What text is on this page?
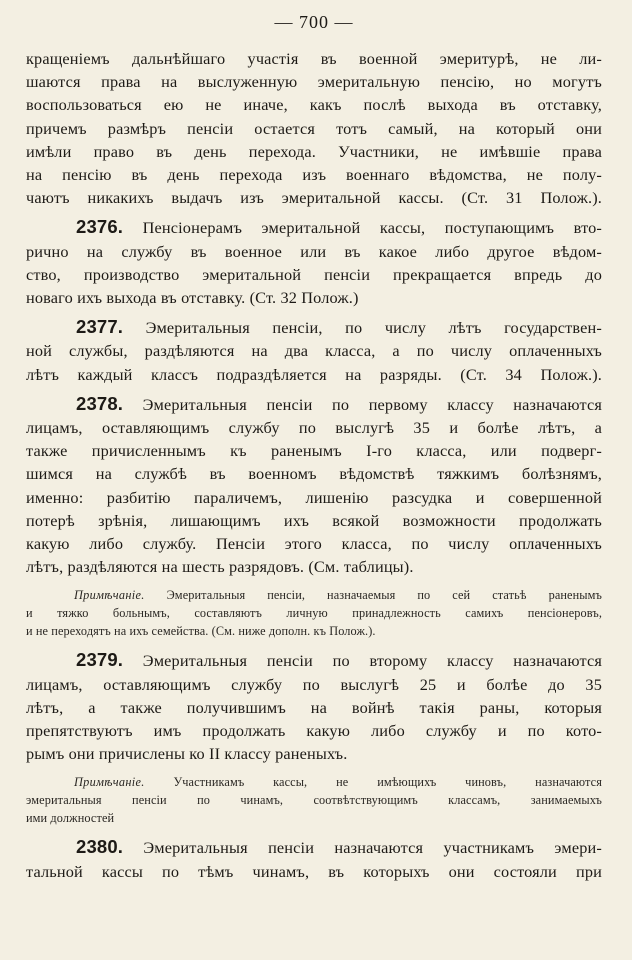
— 700 —
кращеніемъ дальнѣйшаго участія въ военной эмеритурѣ, не ли-
шаются права на выслуженную эмеритальную пенсію, но могутъ
воспользоваться ею не иначе, какъ послѣ выхода въ отставку,
причемъ размѣръ пенсіи остается тотъ самый, на который они
имѣли право въ день перехода. Участники, не имѣвшіе права
на пенсію въ день перехода изъ военнаго вѣдомства, не полу-
чаютъ никакихъ выдачъ изъ эмеритальной кассы. (Ст. 31 Полож.).
2376. Пенсіонерамъ эмеритальной кассы, поступающимъ вто-
рично на службу въ военное или въ какое либо другое вѣдом-
ство, производство эмеритальной пенсіи прекращается впредь до
новаго ихъ выхода въ отставку. (Ст. 32 Полож.)
2377. Эмеритальныя пенсіи, по числу лѣтъ государствен-
ной службы, раздѣляются на два класса, а по числу оплаченныхъ
лѣтъ каждый классъ подраздѣляется на разряды. (Ст. 34 Полож.).
2378. Эмеритальныя пенсіи по первому классу назначаются
лицамъ, оставляющимъ службу по выслугѣ 35 и болѣе лѣтъ, а
также причисленнымъ къ раненымъ I-го класса, или подверг-
шимся на службѣ въ военномъ вѣдомствѣ тяжкимъ болѣзнямъ,
именно: разбитію параличемъ, лишенію разсудка и совершенной
потерѣ зрѣнія, лишающимъ ихъ всякой возможности продолжать
какую либо службу. Пенсіи этого класса, по числу оплаченныхъ
лѣтъ, раздѣляются на шесть разрядовъ. (См. таблицы).
Примѣчаніе. Эмеритальныя пенсіи, назначаемыя по сей статьѣ раненымъ
и тяжко больнымъ, составляютъ личную принадлежность самихъ пенсіонеровъ,
и не переходятъ на ихъ семейства. (См. ниже дополн. къ Полож.).
2379. Эмеритальныя пенсіи по второму классу назначаются
лицамъ, оставляющимъ службу по выслугѣ 25 и болѣе до 35
лѣтъ, а также получившимъ на войнѣ такія раны, которыя
препятствуютъ имъ продолжать какую либо службу и по кото-
рымъ они причислены ко II классу раненыхъ.
Примѣчаніе. Участникамъ кассы, не имѣющихъ чиновъ, назначаются
эмеритальныя пенсіи по чинамъ, соотвѣтствующимъ классамъ, занимаемыхъ
ими должностей
2380. Эмеритальныя пенсіи назначаются участникамъ эмери-
тальной кассы по тѣмъ чинамъ, въ которыхъ они состояли при
